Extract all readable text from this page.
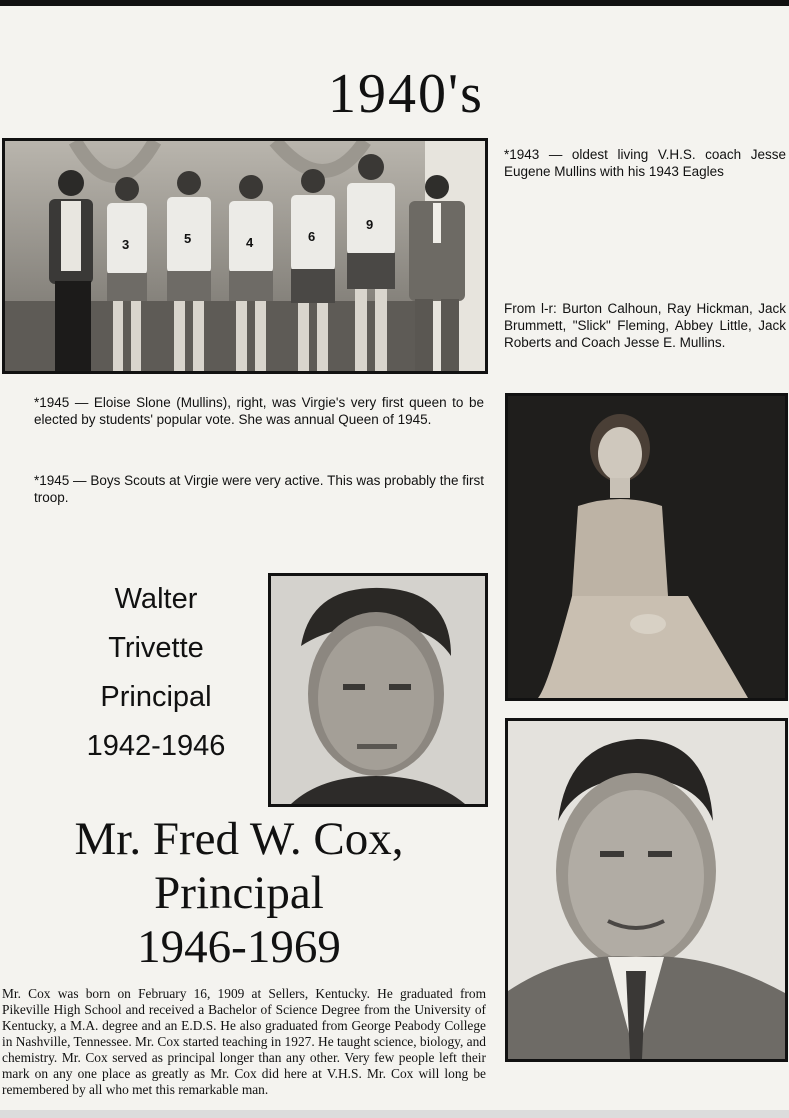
1940's
3	5	4	6
9
*1943 — oldest living V.H.S. coach Jesse Eugene Mullins with his 1943 Eagles
From l-r: Burton Calhoun, Ray Hickman, Jack Brummett, "Slick" Fleming, Abbey Little, Jack Roberts and Coach Jesse E. Mullins.
*1945 — Eloise Slone (Mullins), right, was Virgie's very first queen to be elected by students' popular vote. She was annual Queen of 1945.
*1945 — Boys Scouts at Virgie were very active. This was probably the first troop.
Walter
Trivette
Principal
1942-1946
Mr. Fred W. Cox,
Principal
1946-1969
Mr. Cox was born on February 16, 1909 at Sellers, Kentucky. He graduated from Pikeville High School and received a Bachelor of Science Degree from the University of Kentucky, a M.A. degree and an E.D.S. He also graduated from George Peabody College in Nashville, Tennessee. Mr. Cox started teaching in 1927. He taught science, biology, and chemistry. Mr. Cox served as principal longer than any other. Very few people left their mark on any one place as greatly as Mr. Cox did here at V.H.S. Mr. Cox will long be remembered by all who met this remarkable man.
